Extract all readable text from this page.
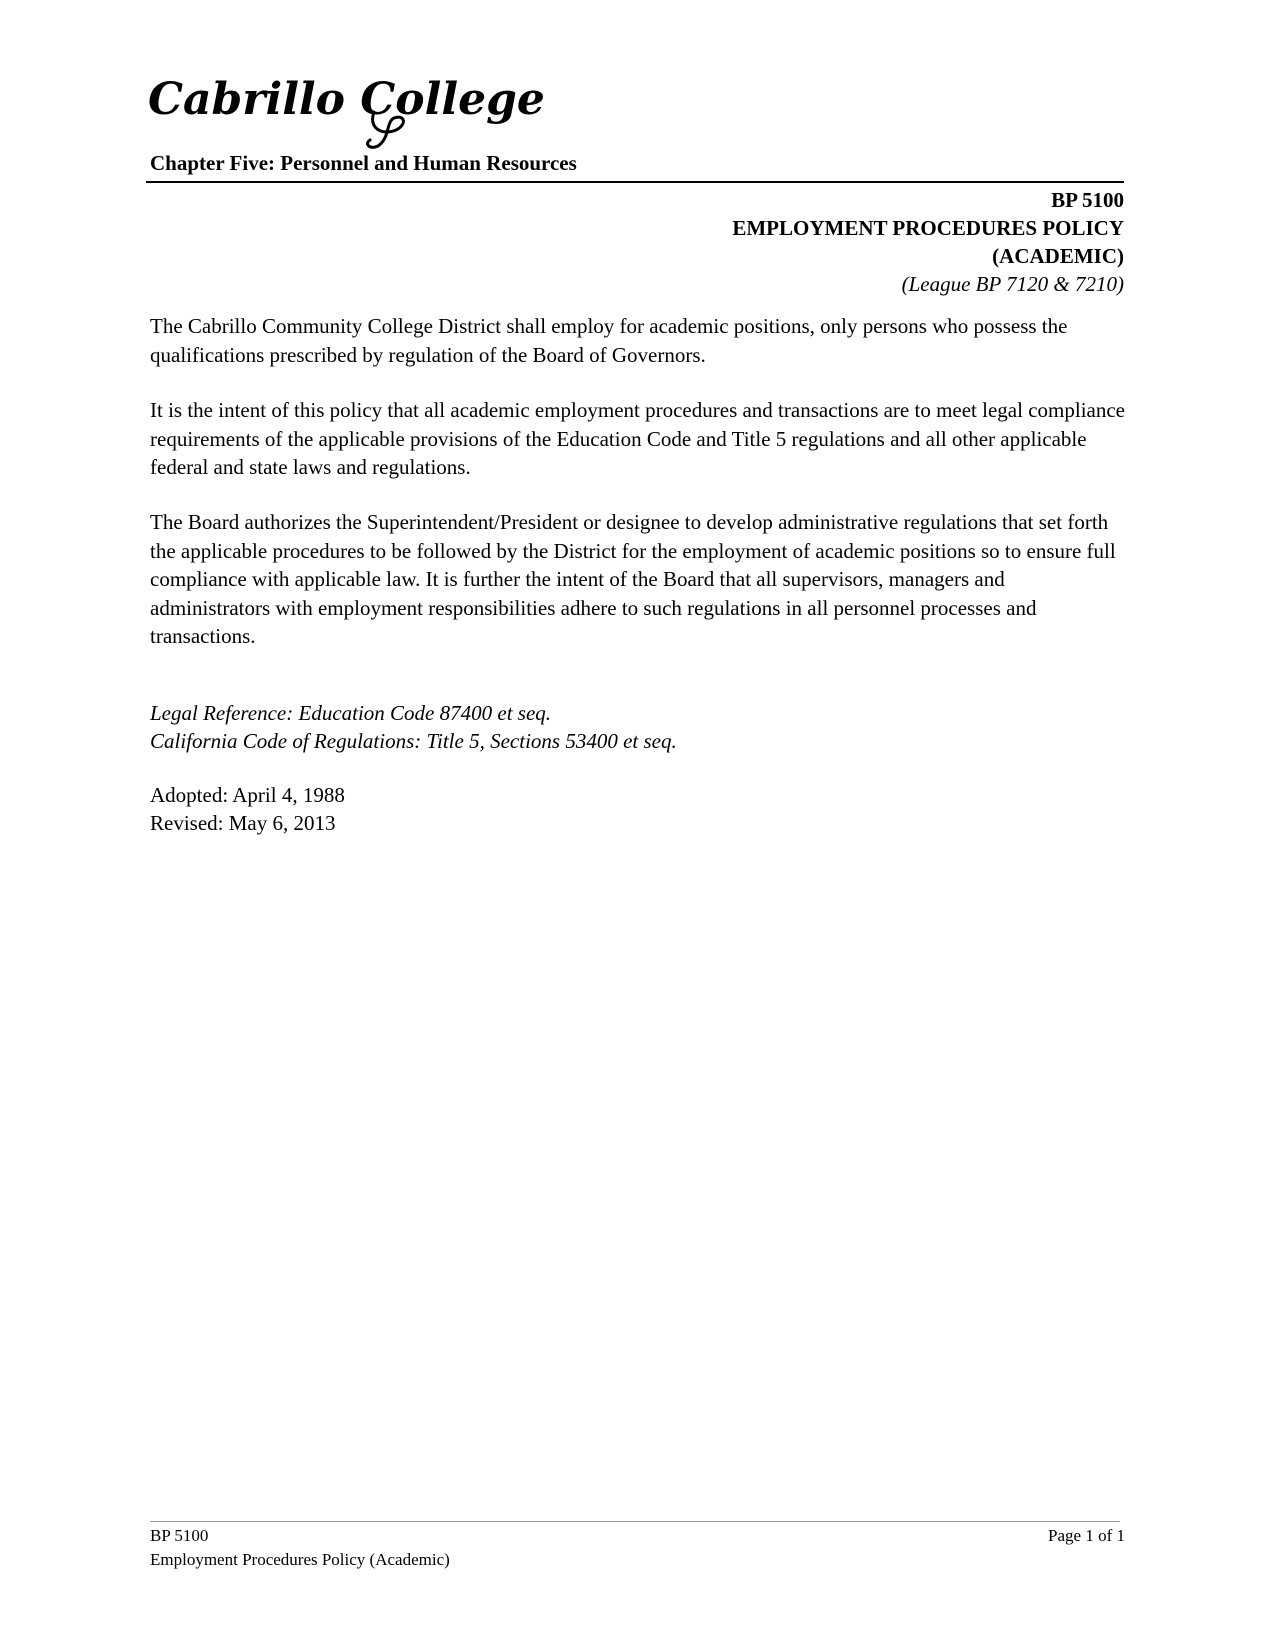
Cabrillo College
Chapter Five: Personnel and Human Resources
BP 5100
EMPLOYMENT PROCEDURES POLICY
(ACADEMIC)
(League BP 7120 & 7210)

The Cabrillo Community College District shall employ for academic positions, only persons who possess the qualifications prescribed by regulation of the Board of Governors.

It is the intent of this policy that all academic employment procedures and transactions are to meet legal compliance requirements of the applicable provisions of the Education Code and Title 5 regulations and all other applicable federal and state laws and regulations.

The Board authorizes the Superintendent/President or designee to develop administrative regulations that set forth the applicable procedures to be followed by the District for the employment of academic positions so to ensure full compliance with applicable law. It is further the intent of the Board that all supervisors, managers and administrators with employment responsibilities adhere to such regulations in all personnel processes and transactions.

Legal Reference: Education Code 87400 et seq.

California Code of Regulations: Title 5, Sections 53400 et seq.

Adopted: April 4, 1988

Revised: May 6, 2013

BP 5100	Page 1 of 1
Employment Procedures Policy (Academic)
